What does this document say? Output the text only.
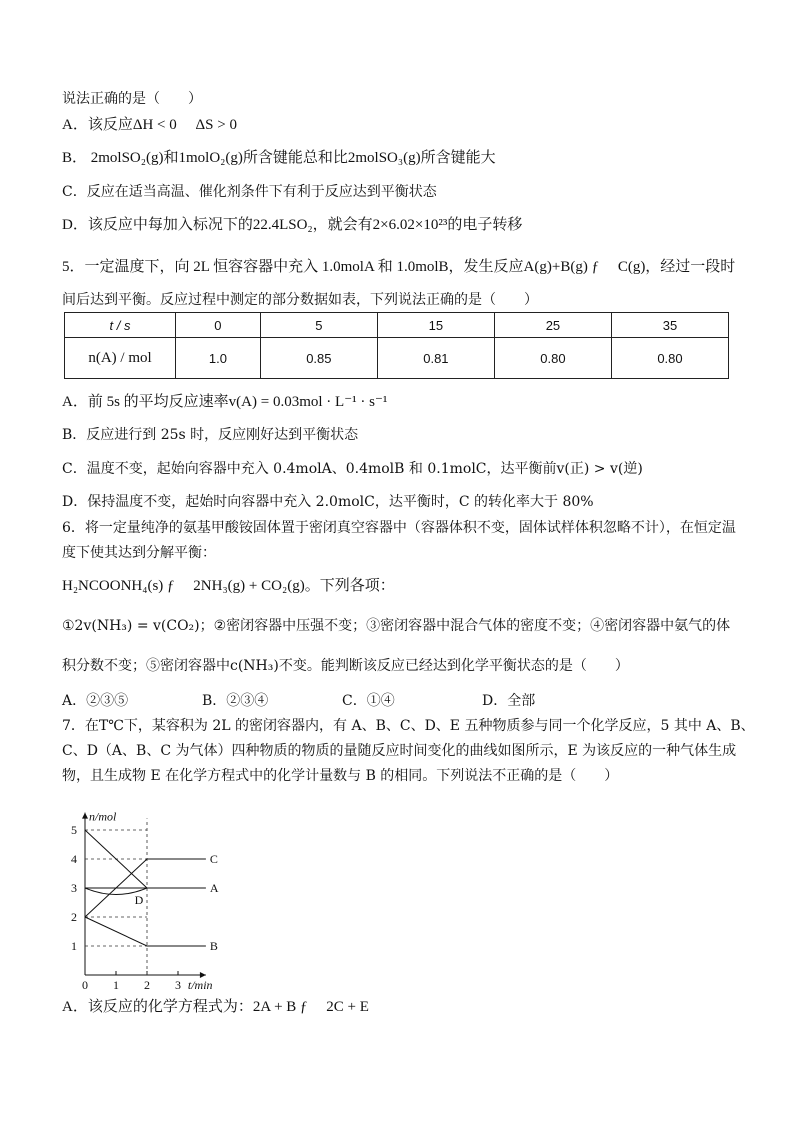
说法正确的是（　　）
A．该反应ΔH < 0　 ΔS > 0
B． 2molSO₂(g)和1molO₂(g)所含键能总和比2molSO₃(g)所含键能大
C．反应在适当高温、催化剂条件下有利于反应达到平衡状态
D．该反应中每加入标况下的22.4LSO₂，就会有2×6.02×10²³的电子转移
5．一定温度下，向 2L 恒容容器中充入 1.0molA 和 1.0molB，发生反应A(g)+B(g) ƒ 　C(g)，经过一段时
间后达到平衡。反应过程中测定的部分数据如表，下列说法正确的是（　　）
t / s	0	5	15	25	35
n(A) / mol	1.0	0.85	0.81	0.80	0.80
A．前 5s 的平均反应速率v(A) = 0.03mol · L⁻¹ · s⁻¹
B．反应进行到 25s 时，反应刚好达到平衡状态
C．温度不变，起始向容器中充入 0.4molA、0.4molB 和 0.1molC，达平衡前v(正) > v(逆)
D．保持温度不变，起始时向容器中充入 2.0molC，达平衡时，C 的转化率大于 80%
6．将一定量纯净的氨基甲酸铵固体置于密闭真空容器中（容器体积不变，固体试样体积忽略不计），在恒定温
度下使其达到分解平衡：
H₂NCOONH₄(s) ƒ 　2NH₃(g) + CO₂(g)。下列各项：
①2v(NH₃) = v(CO₂)；②密闭容器中压强不变；③密闭容器中混合气体的密度不变；④密闭容器中氨气的体
积分数不变；⑤密闭容器中c(NH₃)不变。能判断该反应已经达到化学平衡状态的是（　　）
A．②③⑤	B．②③④	C．①④	D．全部
7．在T℃下，某容积为 2L 的密闭容器内，有 A、B、C、D、E 五种物质参与同一个化学反应，5 其中 A、B、
C、D（A、B、C 为气体）四种物质的物质的量随反应时间变化的曲线如图所示，E 为该反应的一种气体生成
物，且生成物 E 在化学方程式中的化学计量数与 B 的相同。下列说法不正确的是（　　）
n/mol
t/min
0 1 2 3
1
2
3
4
5
C
A
B
D
A．该反应的化学方程式为：2A + B ƒ 　2C + E
